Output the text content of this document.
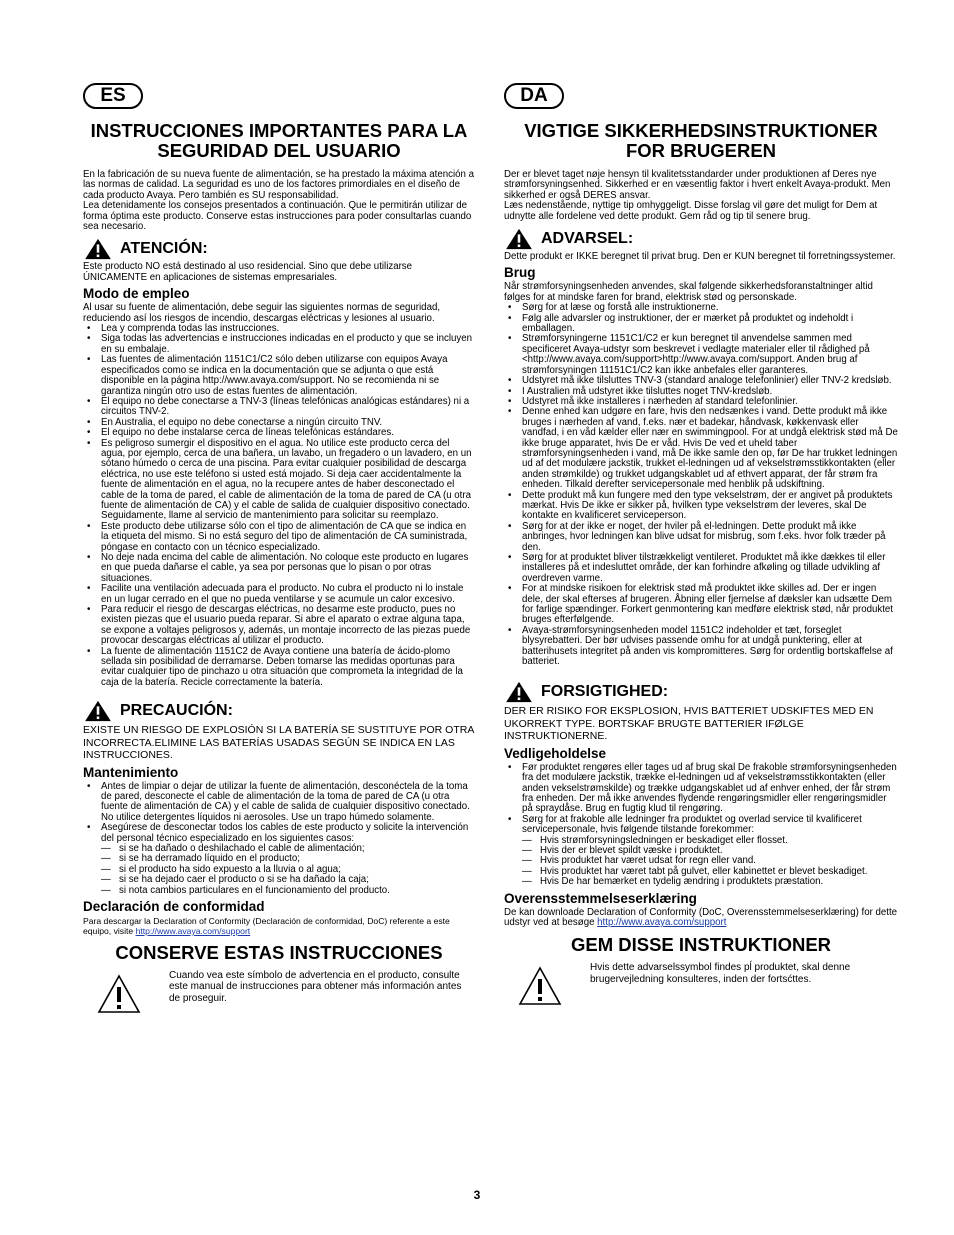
ES
INSTRUCCIONES IMPORTANTES PARA LA SEGURIDAD DEL USUARIO

En la fabricación de su nueva fuente de alimentación, se ha prestado la máxima atención a las normas de calidad. La seguridad es uno de los factores primordiales en el diseño de cada producto Avaya. Pero también es SU responsabilidad.
Lea detenidamente los consejos presentados a continuación. Que le permitirán utilizar de forma óptima este producto. Conserve estas instrucciones para poder consultarlas cuando sea necesario.

ATENCIÓN:

Este producto NO está destinado al uso residencial. Sino que debe utilizarse ÚNICAMENTE en aplicaciones de sistemas empresariales.

Modo de empleo

Al usar su fuente de alimentación, debe seguir las siguientes normas de seguridad, reduciendo así los riesgos de incendio, descargas eléctricas y lesiones al usuario.

• Lea y comprenda todas las instrucciones.
• Siga todas las advertencias e instrucciones indicadas en el producto y que se incluyen en su embalaje.
• Las fuentes de alimentación 1151C1/C2 sólo deben utilizarse con equipos Avaya especificados como se indica en la documentación que se adjunta o que está disponible en la página http://www.avaya.com/support. No se recomienda ni se garantiza ningún otro uso de estas fuentes de alimentación.
• El equipo no debe conectarse a TNV-3 (líneas telefónicas analógicas estándares) ni a circuitos TNV-2.
• En Australia, el equipo no debe conectarse a ningún circuito TNV.
• El equipo no debe instalarse cerca de líneas telefónicas estándares.
• Es peligroso sumergir el dispositivo en el agua. No utilice este producto cerca del agua, por ejemplo, cerca de una bañera, un lavabo, un fregadero o un lavadero, en un sótano húmedo o cerca de una piscina. Para evitar cualquier posibilidad de descarga eléctrica, no use este teléfono si usted está mojado. Si deja caer accidentalmente la fuente de alimentación en el agua, no la recupere antes de haber desconectado el cable de la toma de pared, el cable de alimentación de la toma de pared de CA (u otra fuente de alimentación de CA) y el cable de salida de cualquier dispositivo conectado. Seguidamente, llame al servicio de mantenimiento para solicitar su reemplazo.
• Este producto debe utilizarse sólo con el tipo de alimentación de CA que se indica en la etiqueta del mismo. Si no está seguro del tipo de alimentación de CA suministrada, póngase en contacto con un técnico especializado.
• No deje nada encima del cable de alimentación. No coloque este producto en lugares en que pueda dañarse el cable, ya sea por personas que lo pisan o por otras situaciones.
• Facilite una ventilación adecuada para el producto. No cubra el producto ni lo instale en un lugar cerrado en el que no pueda ventilarse y se acumule un calor excesivo.
• Para reducir el riesgo de descargas eléctricas, no desarme este producto, pues no existen piezas que el usuario pueda reparar. Si abre el aparato o extrae alguna tapa, se expone a voltajes peligrosos y, además, un montaje incorrecto de las piezas puede provocar descargas eléctricas al utilizar el producto.
• La fuente de alimentación 1151C2 de Avaya contiene una batería de ácido-plomo sellada sin posibilidad de derramarse. Deben tomarse las medidas oportunas para evitar cualquier tipo de pinchazo u otra situación que comprometa la integridad de la caja de la batería. Recicle correctamente la batería.
PRECAUCIÓN:

EXISTE UN RIESGO DE EXPLOSIÓN SI LA BATERÍA SE SUSTITUYE POR OTRA INCORRECTA.ELIMINE LAS BATERÍAS USADAS SEGÚN SE INDICA EN LAS INSTRUCCIONES.

Mantenimiento
• Antes de limpiar o dejar de utilizar la fuente de alimentación, desconéctela de la toma de pared, desconecte el cable de alimentación de la toma de pared de CA (u otra fuente de alimentación de CA) y el cable de salida de cualquier dispositivo conectado. No utilice detergentes líquidos ni aerosoles. Use un trapo húmedo solamente.
• Asegúrese de desconectar todos los cables de este producto y solicite la intervención del personal técnico especializado en los siguientes casos:
— si se ha dañado o deshilachado el cable de alimentación;
— si se ha derramado líquido en el producto;
— si el producto ha sido expuesto a la lluvia o al agua;
— si se ha dejado caer el producto o si se ha dañado la caja;
— si nota cambios particulares en el funcionamiento del producto.
Declaración de conformidad

Para descargar la Declaration of Conformity (Declaración de conformidad, DoC) referente a este equipo, visite http://www.avaya.com/support

CONSERVE ESTAS INSTRUCCIONES

Cuando vea este símbolo de advertencia en el producto, consulte este manual de instrucciones para obtener más información antes de proseguir.

DA
VIGTIGE SIKKERHEDSINSTRUKTIONER FOR BRUGEREN

Der er blevet taget nøje hensyn til kvalitetsstandarder under produktionen af Deres nye strømforsyningsenhed. Sikkerhed er en væsentlig faktor i hvert enkelt Avaya-produkt. Men sikkerhed er også DERES ansvar.
Læs nedenstående, nyttige tip omhyggeligt. Disse forslag vil gøre det muligt for Dem at udnytte alle fordelene ved dette produkt. Gem råd og tip til senere brug.

ADVARSEL:

Dette produkt er IKKE beregnet til privat brug. Den er KUN beregnet til forretningssystemer.

Brug

Når strømforsyningsenheden anvendes, skal følgende sikkerhedsforanstaltninger altid følges for at mindske faren for brand, elektrisk stød og personskade.

• Sørg for at læse og forstå alle instruktionerne.
• Følg alle advarsler og instruktioner, der er mærket på produktet og indeholdt i emballagen.
• Strømforsyningerne 1151C1/C2 er kun beregnet til anvendelse sammen med specificeret Avaya-udstyr som beskrevet i vedlagte materialer eller til rådighed på <http://www.avaya.com/support>http://www.avaya.com/support. Anden brug af strømforsyningen 11151C1/C2 kan ikke anbefales eller garanteres.
• Udstyret må ikke tilsluttes TNV-3 (standard analoge telefonlinier) eller TNV-2 kredsløb.
• I Australien må udstyret ikke tilsluttes noget TNV-kredsløb.
• Udstyret må ikke installeres i nærheden af standard telefonlinier.
• Denne enhed kan udgøre en fare, hvis den nedsænkes i vand. Dette produkt må ikke bruges i nærheden af vand, f.eks. nær et badekar, håndvask, køkkenvask eller vandfad, i en våd kælder eller nær en swimmingpool. For at undgå elektrisk stød må De ikke bruge apparatet, hvis De er våd. Hvis De ved et uheld taber strømforsyningsenheden i vand, må De ikke samle den op, før De har trukket ledningen ud af det modulære jackstik, trukket el-ledningen ud af vekselstrømsstikkontakten (eller anden strømkilde) og trukket udgangskablet ud af ethvert apparat, der får strøm fra enheden. Tilkald derefter servicepersonale med henblik på udskiftning.
• Dette produkt må kun fungere med den type vekselstrøm, der er angivet på produktets mærkat. Hvis De ikke er sikker på, hvilken type vekselstrøm der leveres, skal De kontakte en kvalificeret serviceperson.
• Sørg for at der ikke er noget, der hviler på el-ledningen. Dette produkt må ikke anbringes, hvor ledningen kan blive udsat for misbrug, som f.eks. hvor folk træder på den.
• Sørg for at produktet bliver tilstrækkeligt ventileret. Produktet må ikke dækkes til eller installeres på et indesluttet område, der kan forhindre afkøling og tillade udvikling af overdreven varme.
• For at mindske risikoen for elektrisk stød må produktet ikke skilles ad. Der er ingen dele, der skal efterses af brugeren. Åbning eller fjernelse af dæksler kan udsætte Dem for farlige spændinger. Forkert genmontering kan medføre elektrisk stød, når produktet bruges efterfølgende.
• Avaya-strømforsyningsenheden model 1151C2 indeholder et tæt, forseglet blysyrebatteri. Der bør udvises passende omhu for at undgå punktering, eller at batterihusets integritet på anden vis kompromitteres. Sørg for ordentlig bortskaffelse af batteriet.
FORSIGTIGHED:

DER ER RISIKO FOR EKSPLOSION, HVIS BATTERIET UDSKIFTES MED EN UKORREKT TYPE. BORTSKAF BRUGTE BATTERIER IFØLGE INSTRUKTIONERNE.

Vedligeholdelse
• Før produktet rengøres eller tages ud af brug skal De frakoble strømforsyningsenheden fra det modulære jackstik, trække el-ledningen ud af vekselstrømsstikkontakten (eller anden vekselstrømskilde) og trække udgangskablet ud af enhver enhed, der får strøm fra enheden. Der må ikke anvendes flydende rengøringsmidler eller rengøringsmidler på spraydåse. Brug en fugtig klud til rengøring.
• Sørg for at frakoble alle ledninger fra produktet og overlad service til kvalificeret servicepersonale, hvis følgende tilstande forekommer:
— Hvis strømforsyningsledningen er beskadiget eller flosset.
— Hvis der er blevet spildt væske i produktet.
— Hvis produktet har været udsat for regn eller vand.
— Hvis produktet har været tabt på gulvet, eller kabinettet er blevet beskadiget.
— Hvis De har bemærket en tydelig ændring i produktets præstation.
Overensstemmelseserklæring

De kan downloade Declaration of Conformity (DoC, Overensstemmelseserklæring) for dette udstyr ved at besøge http://www.avaya.com/support

GEM DISSE INSTRUKTIONER

Hvis dette advarselssymbol findes pĺ produktet, skal denne brugervejledning konsulteres, inden der fortsćttes.

3
